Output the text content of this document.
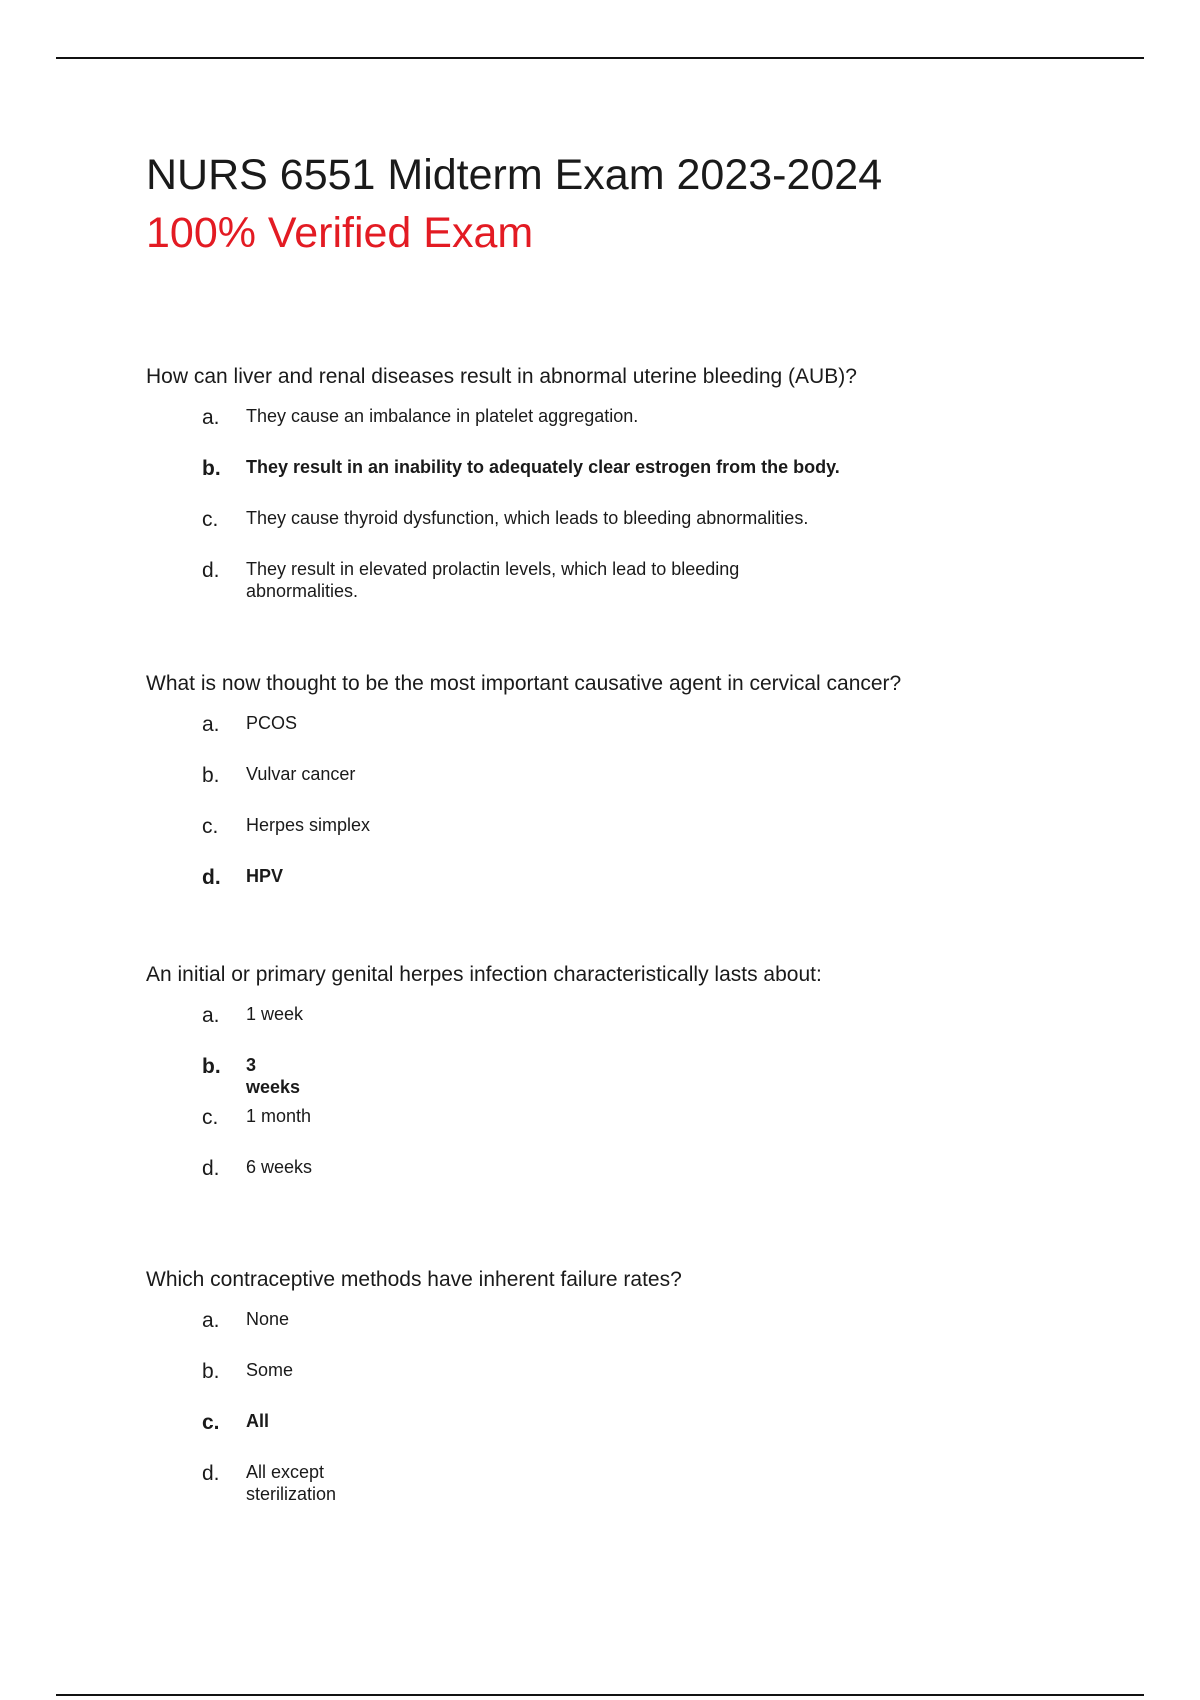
NURS 6551 Midterm Exam 2023-2024
100% Verified Exam

How can liver and renal diseases result in abnormal uterine bleeding (AUB)?

a.	They cause an imbalance in platelet aggregation.
b.	They result in an inability to adequately clear estrogen from the body.
c.	They cause thyroid dysfunction, which leads to bleeding abnormalities.
d.	They result in elevated prolactin levels, which lead to bleeding abnormalities.

What is now thought to be the most important causative agent in cervical cancer?

a.	PCOS
b.	Vulvar cancer
c.	Herpes simplex
d.	HPV

An initial or primary genital herpes infection characteristically lasts about:

a.	1 week
b.	3 weeks
c.	1 month
d.	6 weeks

Which contraceptive methods have inherent failure rates?

a.	None
b.	Some
c.	All
d.	All except sterilization
